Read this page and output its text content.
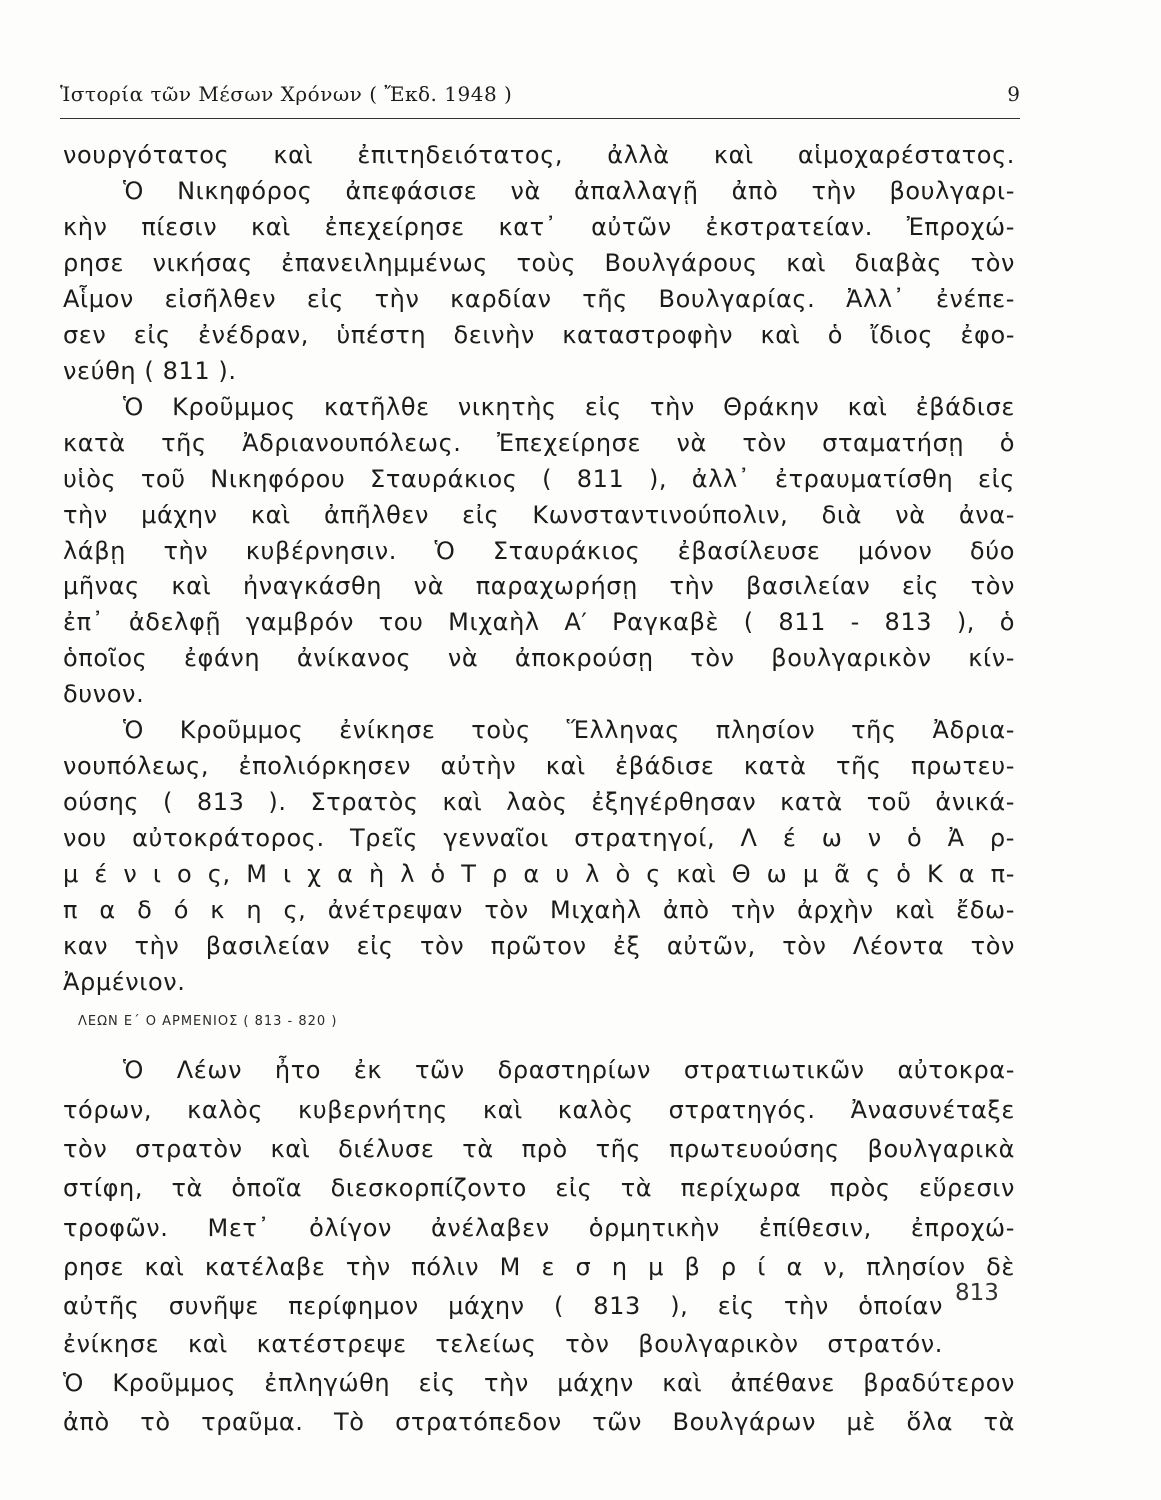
Ἱστορία τῶν Μέσων Χρόνων ( Ἔκδ. 1948 )	9
νουργότατος καὶ ἐπιτηδειότατος, ἀλλὰ καὶ αἱμοχαρέστατος.
Ὁ Νικηφόρος ἀπεφάσισε νὰ ἀπαλλαγῇ ἀπὸ τὴν βουλγαρι-
κὴν πίεσιν καὶ ἐπεχείρησε κατ᾿ αὐτῶν ἐκστρατείαν. Ἐπροχώ-
ρησε νικήσας ἐπανειλημμένως τοὺς Βουλγάρους καὶ διαβὰς τὸν
Αἷμον εἰσῆλθεν εἰς τὴν καρδίαν τῆς Βουλγαρίας. Ἀλλ᾿ ἐνέπε-
σεν εἰς ἐνέδραν, ὑπέστη δεινὴν καταστροφὴν καὶ ὁ ἴδιος ἐφο-
νεύθη ( 811 ).
Ὁ Κροῦμμος κατῆλθε νικητὴς εἰς τὴν Θράκην καὶ ἐβάδισε
κατὰ τῆς Ἀδριανουπόλεως. Ἐπεχείρησε νὰ τὸν σταματήσῃ ὁ
υἱὸς τοῦ Νικηφόρου Σταυράκιος ( 811 ), ἀλλ᾿ ἐτραυματίσθη εἰς
τὴν μάχην καὶ ἀπῆλθεν εἰς Κωνσταντινούπολιν, διὰ νὰ ἀνα-
λάβῃ τὴν κυβέρνησιν. Ὁ Σταυράκιος ἐβασίλευσε μόνον δύο
μῆνας καὶ ἠναγκάσθη νὰ παραχωρήσῃ τὴν βασιλείαν εἰς τὸν
ἐπ᾿ ἀδελφῇ γαμβρόν του Μιχαὴλ Α′ Ραγκαβὲ ( 811 - 813 ), ὁ
ὁποῖος ἐφάνη ἀνίκανος νὰ ἀποκρούσῃ τὸν βουλγαρικὸν κίν-
δυνον.
Ὁ Κροῦμμος ἐνίκησε τοὺς Ἕλληνας πλησίον τῆς Ἀδρια-
νουπόλεως, ἐπολιόρκησεν αὐτὴν καὶ ἐβάδισε κατὰ τῆς πρωτευ-
ούσης ( 813 ). Στρατὸς καὶ λαὸς ἐξηγέρθησαν κατὰ τοῦ ἀνικά-
νου αὐτοκράτορος. Τρεῖς γενναῖοι στρατηγοί, Λ έ ω ν ὁ Ἀ ρ-
μ έ ν ι ο ς, Μ ι χ α ὴ λ ὁ Τ ρ α υ λ ὸ ς καὶ Θ ω μ ᾶ ς ὁ Κ α π-
π α δ ό κ η ς, ἀνέτρεψαν τὸν Μιχαὴλ ἀπὸ τὴν ἀρχὴν καὶ ἔδω-
καν τὴν βασιλείαν εἰς τὸν πρῶτον ἐξ αὐτῶν, τὸν Λέοντα τὸν
Ἀρμένιον.
ΛΕΩΝ Ε΄ Ο ΑΡΜΕΝΙΟΣ ( 813 - 820 )
Ὁ Λέων ἦτο ἐκ τῶν δραστηρίων στρατιωτικῶν αὐτοκρα-
τόρων, καλὸς κυβερνήτης καὶ καλὸς στρατηγός. Ἀνασυνέταξε
τὸν στρατὸν καὶ διέλυσε τὰ πρὸ τῆς πρωτευούσης βουλγαρικὰ
στίφη, τὰ ὁποῖα διεσκορπίζοντο εἰς τὰ περίχωρα πρὸς εὕρεσιν
τροφῶν. Μετ᾿ ὀλίγον ἀνέλαβεν ὁρμητικὴν ἐπίθεσιν, ἐπροχώ-
ρησε καὶ κατέλαβε τὴν πόλιν Μ ε σ η μ β ρ ί α ν, πλησίον δὲ
αὐτῆς συνῆψε περίφημον μάχην ( 813 ), εἰς τὴν ὁποίαν
ἐνίκησε καὶ κατέστρεψε τελείως τὸν βουλγαρικὸν στρατόν.
Ὁ Κροῦμμος ἐπληγώθη εἰς τὴν μάχην καὶ ἀπέθανε βραδύτερον
ἀπὸ τὸ τραῦμα. Τὸ στρατόπεδον τῶν Βουλγάρων μὲ ὅλα τὰ
813
